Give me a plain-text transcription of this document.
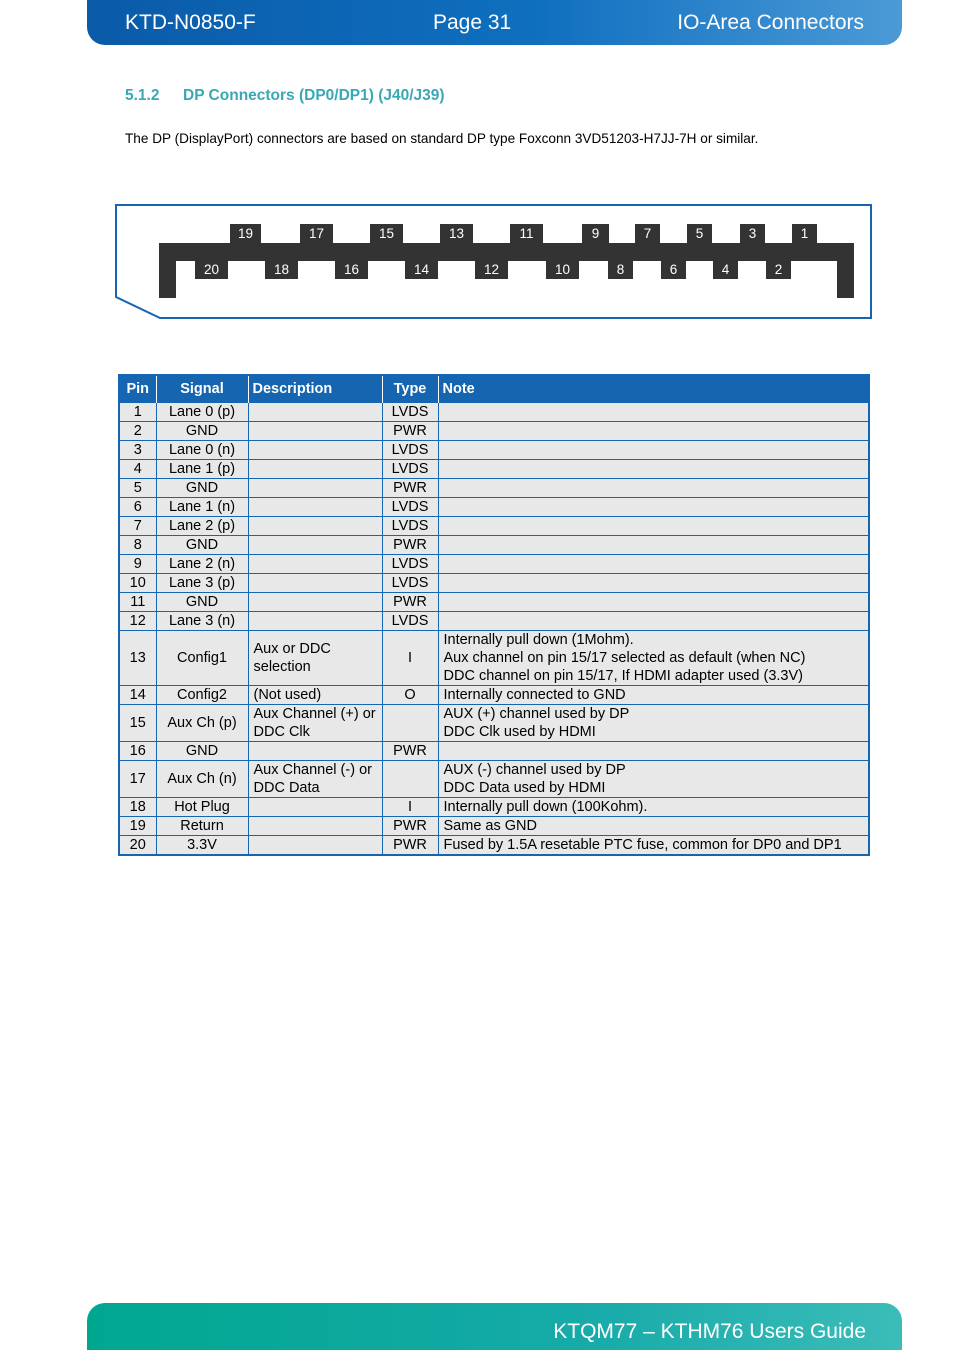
KTD-N0850-F	Page 31	IO-Area Connectors
5.1.2 DP Connectors (DP0/DP1) (J40/J39)

The DP (DisplayPort) connectors are based on standard DP type Foxconn 3VD51203-H7JJ-7H or similar.

19	17	15	13	11	9	7	5	3	1
20	18	16	14	12	10	8	6	4	2
Pin	Signal	Description	Type	Note
1	Lane 0 (p)		LVDS	
2	GND		PWR	
3	Lane 0 (n)		LVDS	
4	Lane 1 (p)		LVDS	
5	GND		PWR	
6	Lane 1 (n)		LVDS	
7	Lane 2 (p)		LVDS	
8	GND		PWR	
9	Lane 2 (n)		LVDS	
10	Lane 3 (p)		LVDS	
11	GND		PWR	
12	Lane 3 (n)		LVDS	
13	Config1	Aux or DDC selection	I	Internally pull down (1Mohm).
Aux channel on pin 15/17 selected as default (when NC)
DDC channel on pin 15/17, If HDMI adapter used (3.3V)
14	Config2	(Not used)	O	Internally connected to GND
15	Aux Ch (p)	Aux Channel (+) or DDC Clk		AUX (+) channel used by DP
DDC Clk used by HDMI
16	GND		PWR	
17	Aux Ch (n)	Aux Channel (-) or DDC Data		AUX (-) channel used by DP
DDC Data used by HDMI
18	Hot Plug		I	Internally pull down (100Kohm).
19	Return		PWR	Same as GND
20	3.3V		PWR	Fused by 1.5A resetable PTC fuse, common for DP0 and DP1
KTQM77 – KTHM76 Users Guide
